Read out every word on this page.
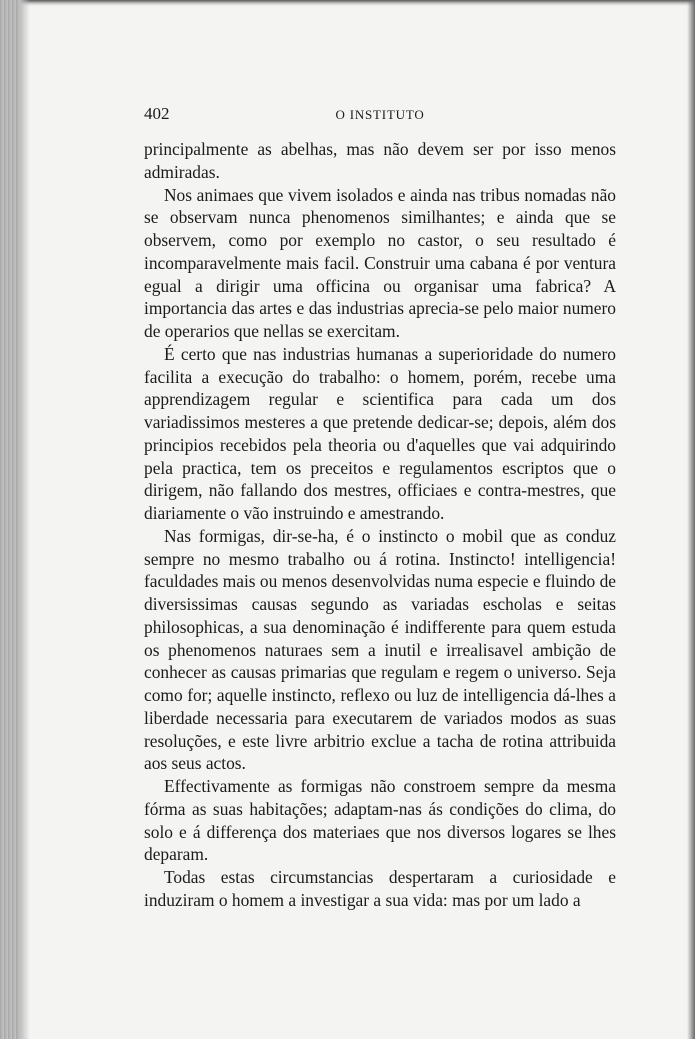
402	O INSTITUTO

principalmente as abelhas, mas não devem ser por isso menos admiradas.

Nos animaes que vivem isolados e ainda nas tribus nomadas não se observam nunca phenomenos similhantes; e ainda que se observem, como por exemplo no castor, o seu resultado é incomparavelmente mais facil. Construir uma cabana é por ventura egual a dirigir uma officina ou organisar uma fabrica? A importancia das artes e das industrias aprecia-se pelo maior numero de operarios que nellas se exercitam.

É certo que nas industrias humanas a superioridade do numero facilita a execução do trabalho: o homem, porém, recebe uma apprendizagem regular e scientifica para cada um dos variadissimos mesteres a que pretende dedicar-se; depois, além dos principios recebidos pela theoria ou d'aquelles que vai adquirindo pela practica, tem os preceitos e regulamentos escriptos que o dirigem, não fallando dos mestres, officiaes e contra-mestres, que diariamente o vão instruindo e amestrando.

Nas formigas, dir-se-ha, é o instincto o mobil que as conduz sempre no mesmo trabalho ou á rotina. Instincto! intelligencia! faculdades mais ou menos desenvolvidas numa especie e fluindo de diversissimas causas segundo as variadas escholas e seitas philosophicas, a sua denominação é indifferente para quem estuda os phenomenos naturaes sem a inutil e irrealisavel ambição de conhecer as causas primarias que regulam e regem o universo. Seja como for; aquelle instincto, reflexo ou luz de intelligencia dá-lhes a liberdade necessaria para executarem de variados modos as suas resoluções, e este livre arbitrio exclue a tacha de rotina attribuida aos seus actos.

Effectivamente as formigas não constroem sempre da mesma fórma as suas habitações; adaptam-nas ás condições do clima, do solo e á differença dos materiaes que nos diversos logares se lhes deparam.

Todas estas circumstancias despertaram a curiosidade e induziram o homem a investigar a sua vida: mas por um lado a
